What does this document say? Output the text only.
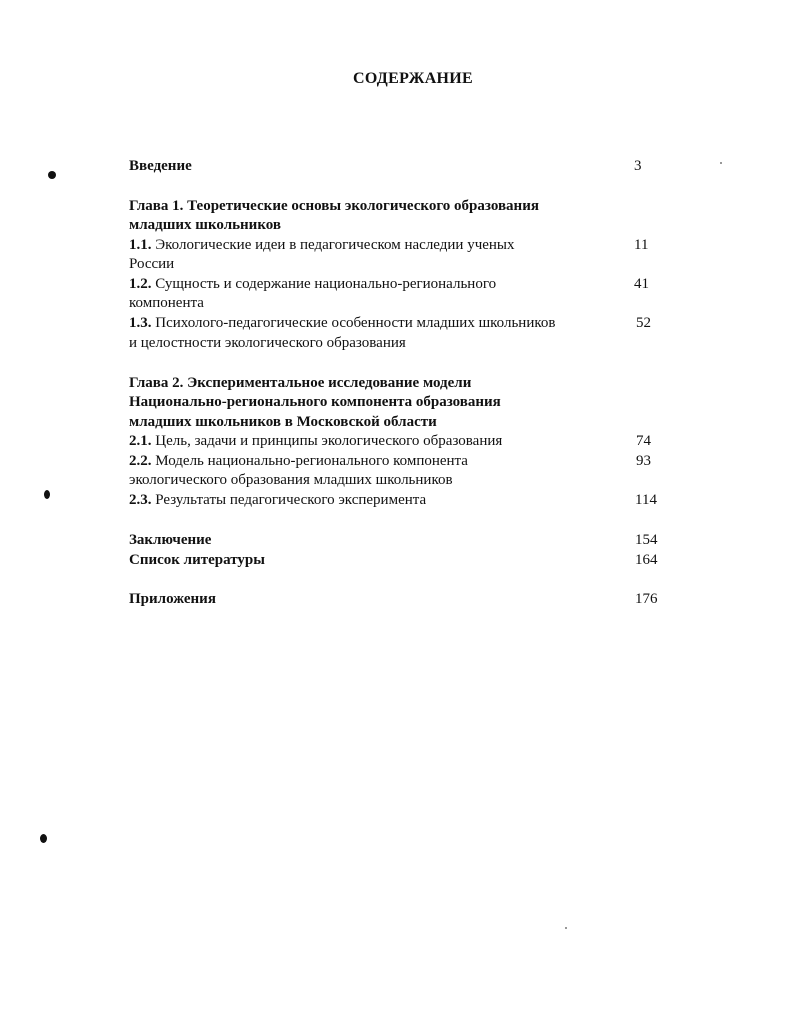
СОДЕРЖАНИЕ
Введение	3
Глава 1. Теоретические основы экологического образования
младших школьников
1.1. Экологические идеи в педагогическом наследии ученых	11
России
1.2. Сущность и содержание национально-регионального	41
компонента
1.3. Психолого-педагогические особенности младших школьников	52
и целостности экологического образования
Глава 2. Экспериментальное исследование модели
Национально-регионального компонента образования
младших школьников в Московской области
2.1. Цель, задачи и принципы экологического образования	74
2.2. Модель национально-регионального компонента	93
экологического образования младших школьников
2.3. Результаты педагогического эксперимента	114
Заключение	154
Список литературы	164
Приложения	176
